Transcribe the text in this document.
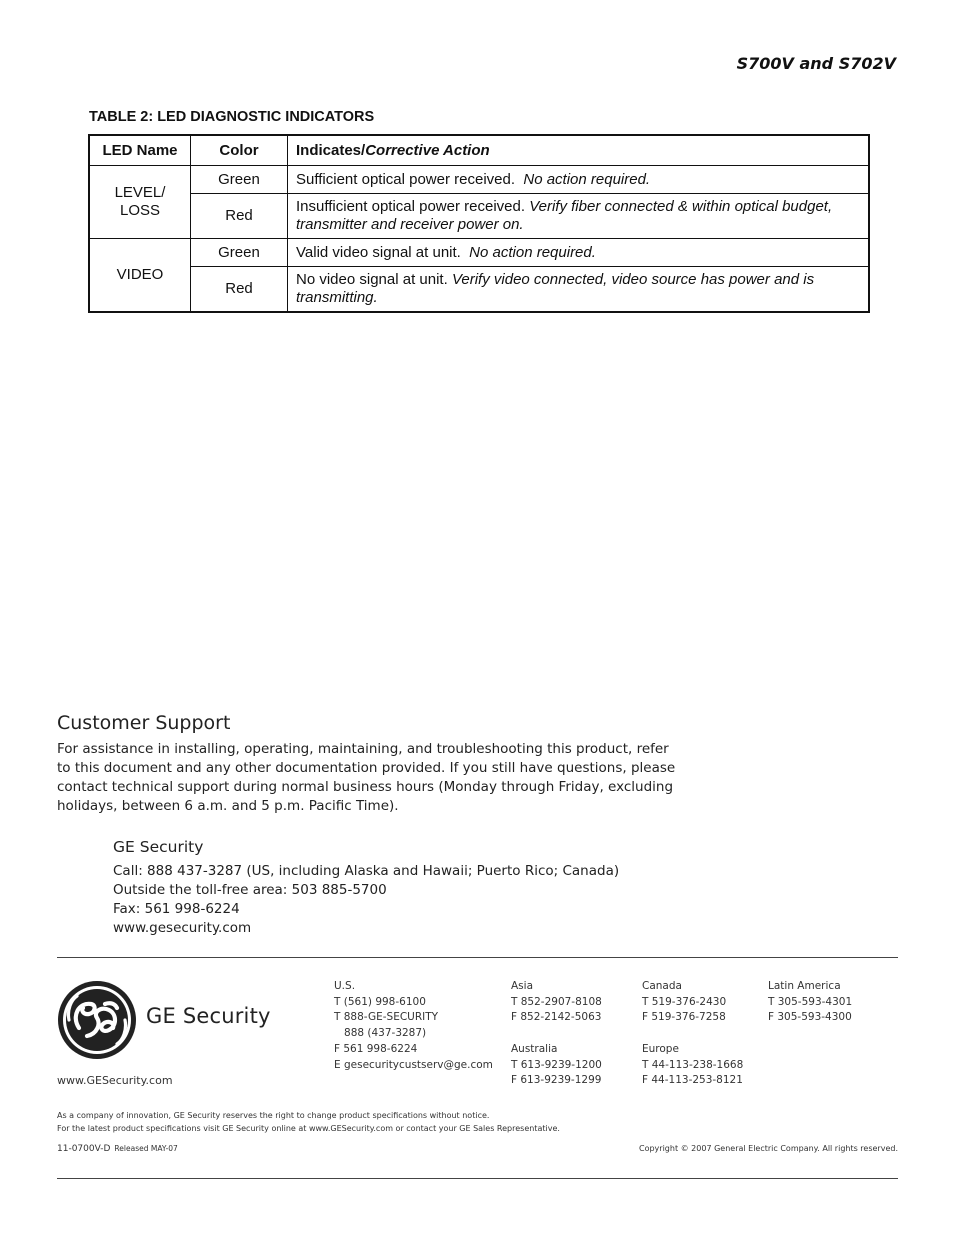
S700V and S702V
TABLE 2: LED DIAGNOSTIC INDICATORS
LED Name	Color	Indicates/Corrective Action
LEVEL/
LOSS	Green	Sufficient optical power received. No action required.
	Red	Insufficient optical power received. Verify fiber connected & within optical budget, transmitter and receiver power on.
VIDEO	Green	Valid video signal at unit. No action required.
	Red	No video signal at unit. Verify video connected, video source has power and is transmitting.
Customer Support

For assistance in installing, operating, maintaining, and troubleshooting this product, refer to this document and any other documentation provided. If you still have questions, please contact technical support during normal business hours (Monday through Friday, excluding holidays, between 6 a.m. and 5 p.m. Pacific Time).

GE Security
Call: 888 437-3287 (US, including Alaska and Hawaii; Puerto Rico; Canada)
Outside the toll-free area: 503 885-5700
Fax: 561 998-6224
www.gesecurity.com
GE Security
www.GESecurity.com
U.S.
T (561) 998-6100
T 888-GE-SECURITY
888 (437-3287)
F 561 998-6224
E gesecuritycustserv@ge.com
Asia
T 852-2907-8108
F 852-2142-5063

Australia
T 613-9239-1200
F 613-9239-1299
Canada
T 519-376-2430
F 519-376-7258

Europe
T 44-113-238-1668
F 44-113-253-8121
Latin America
T 305-593-4301
F 305-593-4300
As a company of innovation, GE Security reserves the right to change product specifications without notice.
For the latest product specifications visit GE Security online at www.GESecurity.com or contact your GE Sales Representative.
11-0700V-D Released MAY-07	Copyright © 2007 General Electric Company. All rights reserved.
